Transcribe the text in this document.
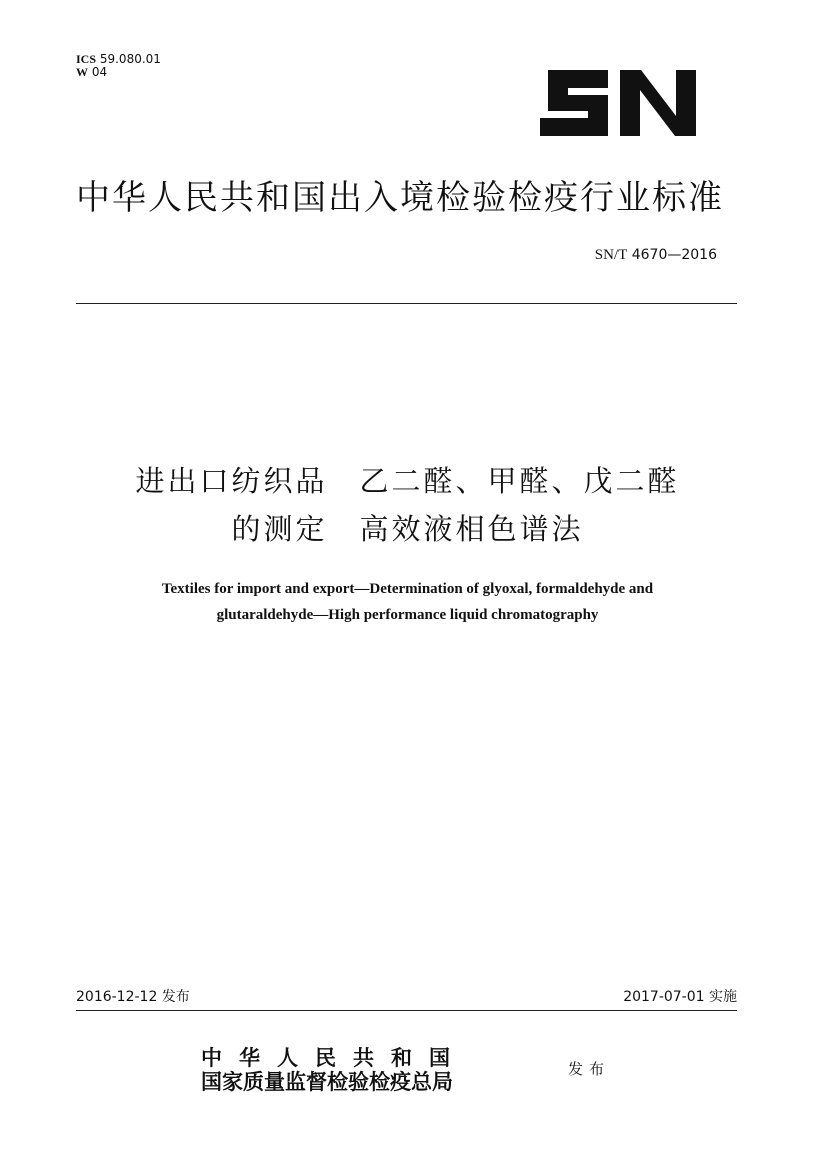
ICS 59.080.01
W 04
中华人民共和国出入境检验检疫行业标准
SN/T 4670—2016
进出口纺织品　乙二醛、甲醛、戊二醛
的测定　高效液相色谱法
Textiles for import and export—Determination of glyoxal, formaldehyde and
glutaraldehyde—High performance liquid chromatography
2016-12-12 发布	2017-07-01 实施
中华人民共和国
国家质量监督检验检疫总局	发布
